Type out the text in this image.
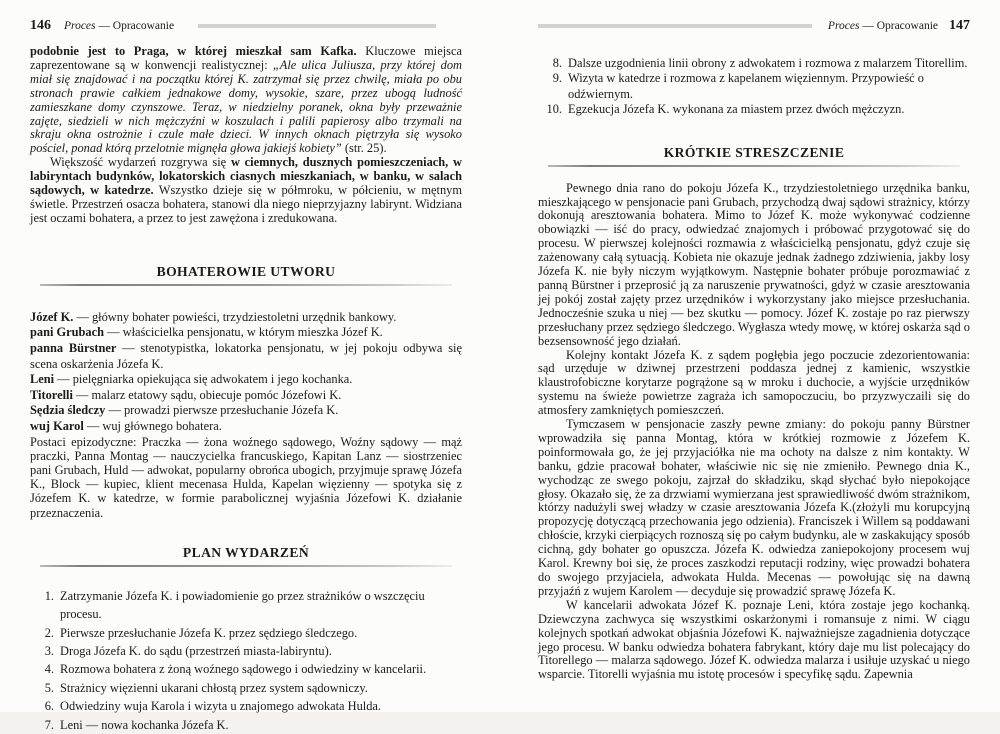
146 Proces — Opracowanie

podobnie jest to Praga, w której mieszkał sam Kafka. Kluczowe miejsca zaprezentowane są w konwencji realistycznej: „Ale ulica Juliusza, przy której dom miał się znajdować i na początku której K. zatrzymał się przez chwilę, miała po obu stronach prawie całkiem jednakowe domy, wysokie, szare, przez ubogą ludność zamieszkane domy czynszowe. Teraz, w niedzielny poranek, okna były przeważnie zajęte, siedzieli w nich mężczyźni w koszulach i palili papierosy albo trzymali na skraju okna ostrożnie i czule małe dzieci. W innych oknach piętrzyła się wysoko pościel, ponad którą przelotnie mignęła głowa jakiejś kobiety” (str. 25).

Większość wydarzeń rozgrywa się w ciemnych, dusznych pomieszczeniach, w labiryntach budynków, lokatorskich ciasnych mieszkaniach, w banku, w salach sądowych, w katedrze. Wszystko dzieje się w półmroku, w półcieniu, w mętnym świetle. Przestrzeń osacza bohatera, stanowi dla niego nieprzyjazny labirynt. Widziana jest oczami bohatera, a przez to jest zawężona i zredukowana.

BOHATEROWIE UTWORU

Józef K. — główny bohater powieści, trzydziestoletni urzędnik bankowy.

pani Grubach — właścicielka pensjonatu, w którym mieszka Józef K.

panna Bürstner — stenotypistka, lokatorka pensjonatu, w jej pokoju odbywa się scena oskarżenia Józefa K.

Leni — pielęgniarka opiekująca się adwokatem i jego kochanka.

Titorelli — malarz etatowy sądu, obiecuje pomóc Józefowi K.

Sędzia śledczy — prowadzi pierwsze przesłuchanie Józefa K.

wuj Karol — wuj głównego bohatera.

Postaci epizodyczne: Praczka — żona woźnego sądowego, Woźny sądowy — mąż praczki, Panna Montag — nauczycielka francuskiego, Kapitan Lanz — siostrzeniec pani Grubach, Huld — adwokat, popularny obrońca ubogich, przyjmuje sprawę Józefa K., Block — kupiec, klient mecenasa Hulda, Kapelan więzienny — spotyka się z Józefem K. w katedrze, w formie parabolicznej wyjaśnia Józefowi K. działanie przeznaczenia.

PLAN WYDARZEŃ
1. Zatrzymanie Józefa K. i powiadomienie go przez strażników o wszczęciu procesu.
2. Pierwsze przesłuchanie Józefa K. przez sędziego śledczego.
3. Droga Józefa K. do sądu (przestrzeń miasta-labiryntu).
4. Rozmowa bohatera z żoną woźnego sądowego i odwiedziny w kancelarii.
5. Strażnicy więzienni ukarani chłostą przez system sądowniczy.
6. Odwiedziny wuja Karola i wizyta u znajomego adwokata Hulda.
7. Leni — nowa kochanka Józefa K.
Proces — Opracowanie 147
8. Dalsze uzgodnienia linii obrony z adwokatem i rozmowa z malarzem Titorellim.
9. Wizyta w katedrze i rozmowa z kapelanem więziennym. Przypowieść o odźwiernym.
10. Egzekucja Józefa K. wykonana za miastem przez dwóch mężczyzn.
KRÓTKIE STRESZCZENIE

Pewnego dnia rano do pokoju Józefa K., trzydziestoletniego urzędnika banku, mieszkającego w pensjonacie pani Grubach, przychodzą dwaj sądowi strażnicy, którzy dokonują aresztowania bohatera. Mimo to Józef K. może wykonywać codzienne obowiązki — iść do pracy, odwiedzać znajomych i próbować przygotować się do procesu. W pierwszej kolejności rozmawia z właścicielką pensjonatu, gdyż czuje się zażenowany całą sytuacją. Kobieta nie okazuje jednak żadnego zdziwienia, jakby losy Józefa K. nie były niczym wyjątkowym. Następnie bohater próbuje porozmawiać z panną Bürstner i przeprosić ją za naruszenie prywatności, gdyż w czasie aresztowania jej pokój został zajęty przez urzędników i wykorzystany jako miejsce przesłuchania. Jednocześnie szuka u niej — bez skutku — pomocy. Józef K. zostaje po raz pierwszy przesłuchany przez sędziego śledczego. Wygłasza wtedy mowę, w której oskarża sąd o bezsensowność jego działań.

Kolejny kontakt Józefa K. z sądem pogłębia jego poczucie zdezorientowania: sąd urzęduje w dziwnej przestrzeni poddasza jednej z kamienic, wszystkie klaustrofobiczne korytarze pogrążone są w mroku i duchocie, a wyjście urzędników systemu na świeże powietrze zagraża ich samopoczuciu, bo przyzwyczaili się do atmosfery zamkniętych pomieszczeń.

Tymczasem w pensjonacie zaszły pewne zmiany: do pokoju panny Bürstner wprowadziła się panna Montag, która w krótkiej rozmowie z Józefem K. poinformowała go, że jej przyjaciółka nie ma ochoty na dalsze z nim kontakty. W banku, gdzie pracował bohater, właściwie nic się nie zmieniło. Pewnego dnia K., wychodząc ze swego pokoju, zajrzał do składziku, skąd słychać było niepokojące głosy. Okazało się, że za drzwiami wymierzana jest sprawiedliwość dwóm strażnikom, którzy nadużyli swej władzy w czasie aresztowania Józefa K.(złożyli mu korupcyjną propozycję dotyczącą przechowania jego odzienia). Franciszek i Willem są poddawani chłoście, krzyki cierpiących roznoszą się po całym budynku, ale w zaskakujący sposób cichną, gdy bohater go opuszcza. Józefa K. odwiedza zaniepokojony procesem wuj Karol. Krewny boi się, że proces zaszkodzi reputacji rodziny, więc prowadzi bohatera do swojego przyjaciela, adwokata Hulda. Mecenas — powołując się na dawną przyjaźń z wujem Karolem — decyduje się prowadzić sprawę Józefa K.

W kancelarii adwokata Józef K. poznaje Leni, która zostaje jego kochanką. Dziewczyna zachwyca się wszystkimi oskarżonymi i romansuje z nimi. W ciągu kolejnych spotkań adwokat objaśnia Józefowi K. najważniejsze zagadnienia dotyczące jego procesu. W banku odwiedza bohatera fabrykant, który daje mu list polecający do Titorellego — malarza sądowego. Józef K. odwiedza malarza i usiłuje uzyskać u niego wsparcie. Titorelli wyjaśnia mu istotę procesów i specyfikę sądu. Zapewnia
